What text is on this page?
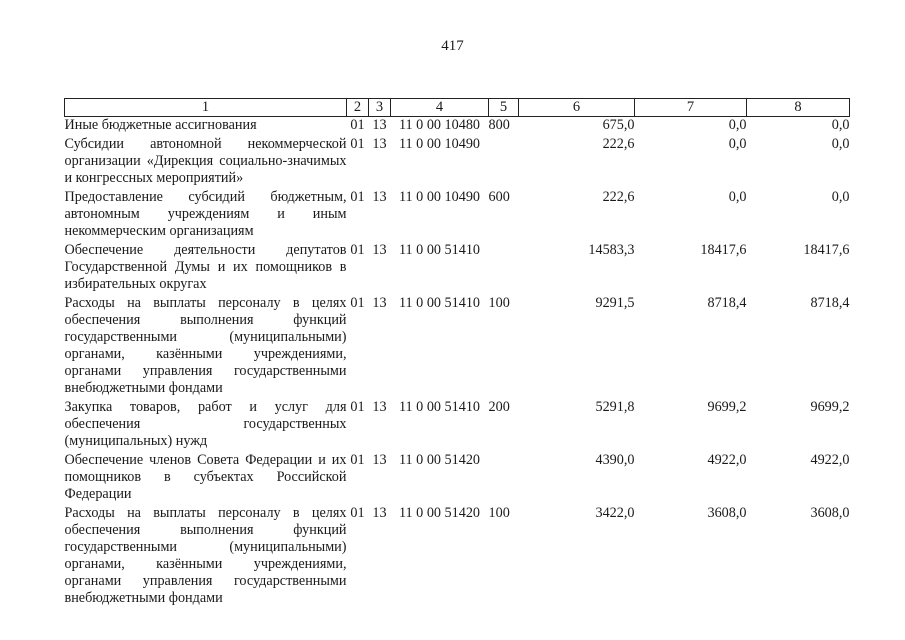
417
1	2	3	4	5	6	7	8
Иные бюджетные ассигнования	01	13	11 0 00 10480	800	675,0	0,0	0,0
Субсидии автономной некоммерческой организации «Дирекция социально-значимых и конгрессных мероприятий»	01	13	11 0 00 10490		222,6	0,0	0,0
Предоставление субсидий бюджетным, автономным учреждениям и иным некоммерческим организациям	01	13	11 0 00 10490	600	222,6	0,0	0,0
Обеспечение деятельности депутатов Государственной Думы и их помощников в избирательных округах	01	13	11 0 00 51410		14583,3	18417,6	18417,6
Расходы на выплаты персоналу в целях обеспечения выполнения функций государственными (муниципальными) органами, казёнными учреждениями, органами управления государственными внебюджетными фондами	01	13	11 0 00 51410	100	9291,5	8718,4	8718,4
Закупка товаров, работ и услуг для обеспечения государственных (муниципальных) нужд	01	13	11 0 00 51410	200	5291,8	9699,2	9699,2
Обеспечение членов Совета Федерации и их помощников в субъектах Российской Федерации	01	13	11 0 00 51420		4390,0	4922,0	4922,0
Расходы на выплаты персоналу в целях обеспечения выполнения функций государственными (муниципальными) органами, казёнными учреждениями, органами управления государственными внебюджетными фондами	01	13	11 0 00 51420	100	3422,0	3608,0	3608,0
